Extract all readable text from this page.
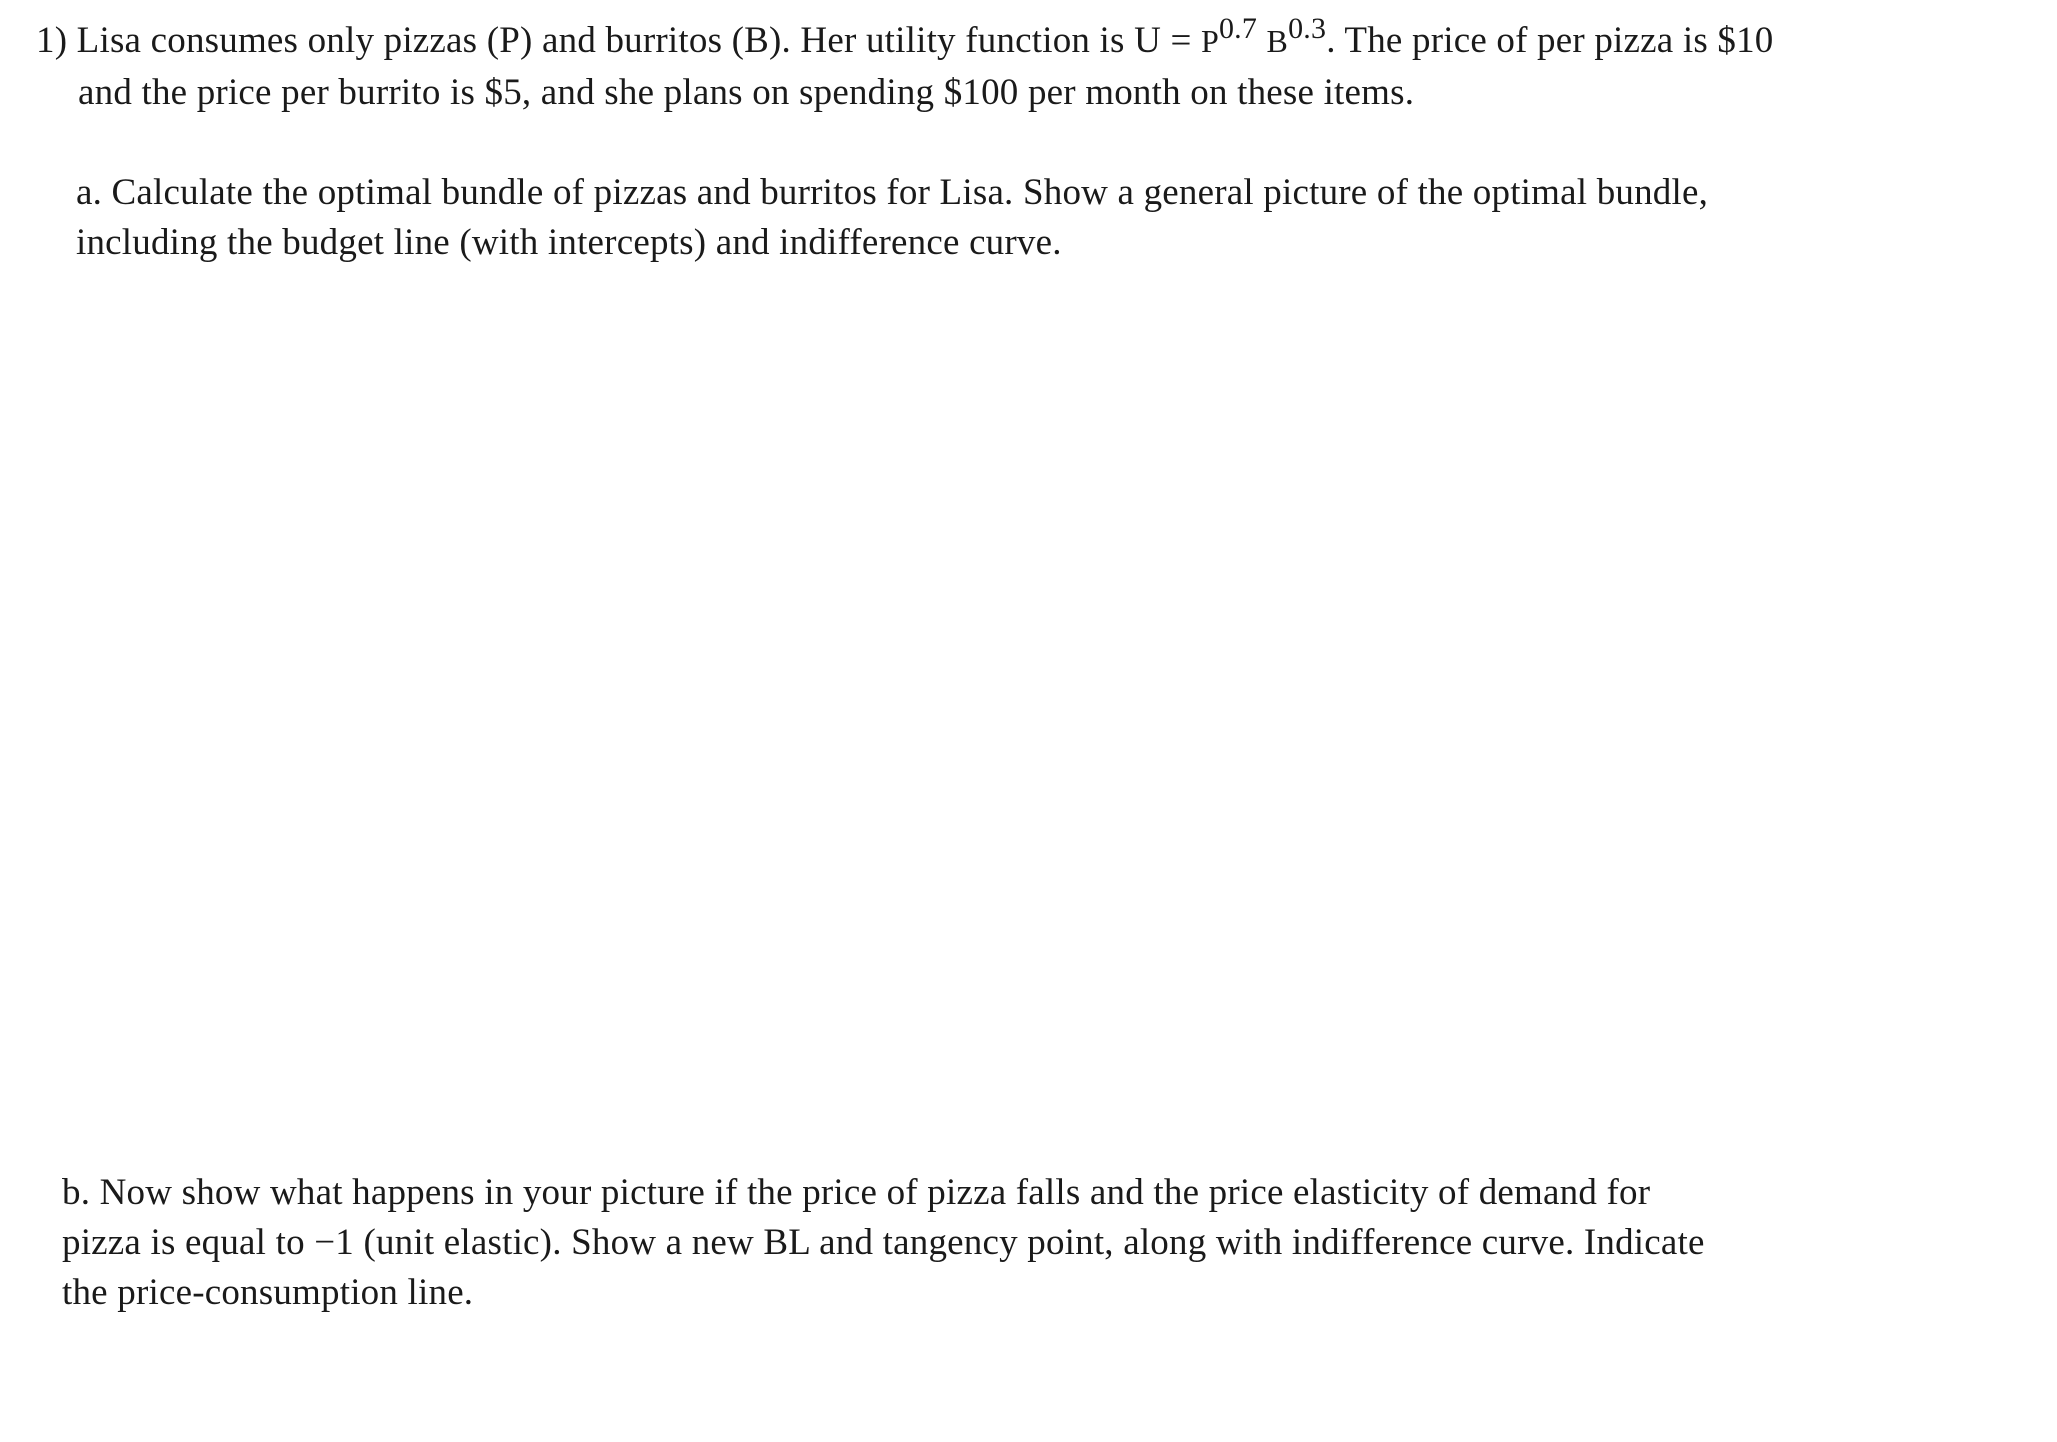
1) Lisa consumes only pizzas (P) and burritos (B). Her utility function is $U = P^{0.7}$ $B^{0.3}$. The price of per pizza is $10
and the price per burrito is $5, and she plans on spending $100 per month on these items.
a. Calculate the optimal bundle of pizzas and burritos for Lisa. Show a general picture of the optimal bundle,
including the budget line (with intercepts) and indifference curve.
b. Now show what happens in your picture if the price of pizza falls and the price elasticity of demand for
pizza is equal to −1 (unit elastic). Show a new BL and tangency point, along with indifference curve. Indicate
the price-consumption line.
